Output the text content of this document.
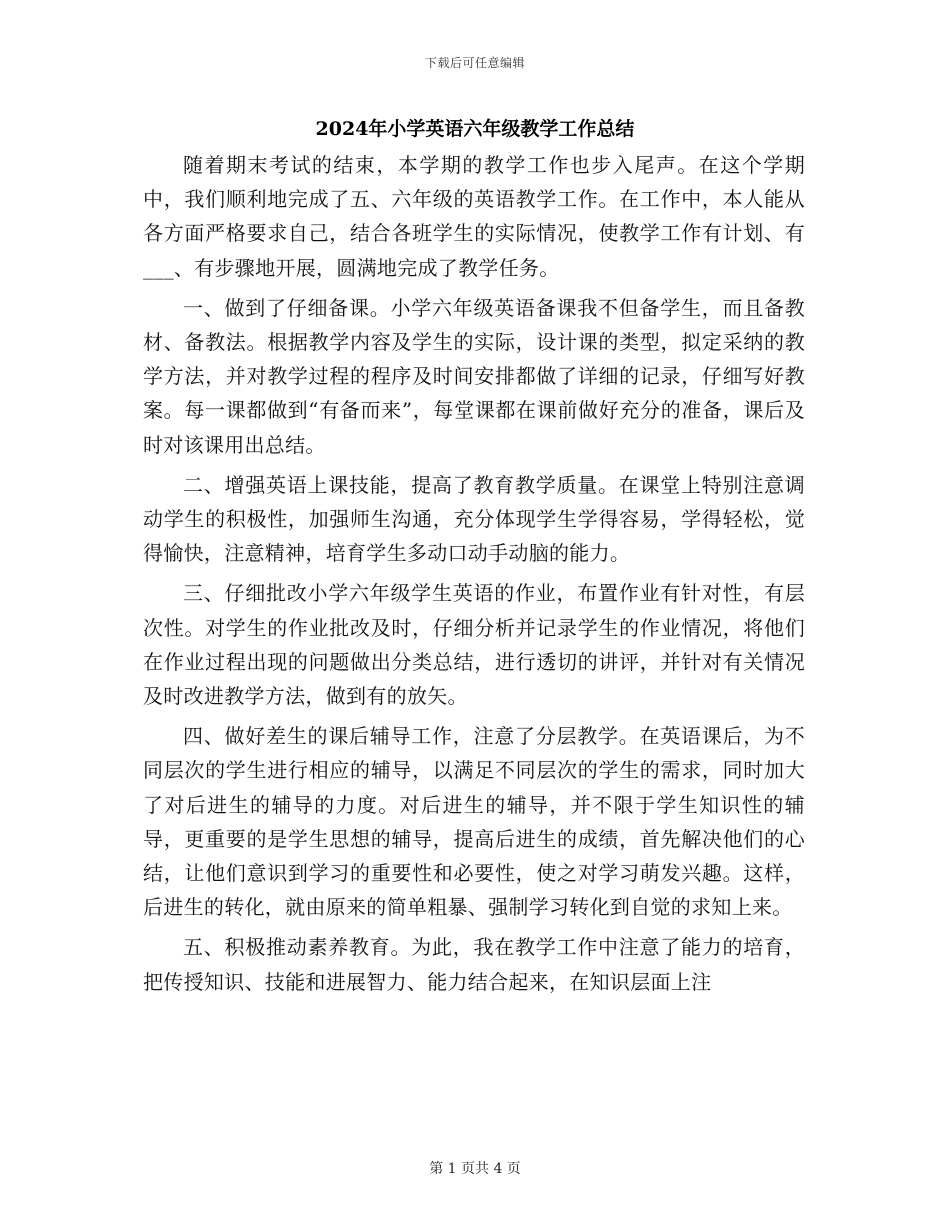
下载后可任意编辑
2024年小学英语六年级教学工作总结

随着期末考试的结束，本学期的教学工作也步入尾声。在这个学期中，我们顺利地完成了五、六年级的英语教学工作。在工作中，本人能从各方面严格要求自己，结合各班学生的实际情况，使教学工作有计划、有___、有步骤地开展，圆满地完成了教学任务。

一、做到了仔细备课。小学六年级英语备课我不但备学生，而且备教材、备教法。根据教学内容及学生的实际，设计课的类型，拟定采纳的教学方法，并对教学过程的程序及时间安排都做了详细的记录，仔细写好教案。每一课都做到“有备而来”，每堂课都在课前做好充分的准备，课后及时对该课用出总结。

二、增强英语上课技能，提高了教育教学质量。在课堂上特别注意调动学生的积极性，加强师生沟通，充分体现学生学得容易，学得轻松，觉得愉快，注意精神，培育学生多动口动手动脑的能力。

三、仔细批改小学六年级学生英语的作业，布置作业有针对性，有层次性。对学生的作业批改及时，仔细分析并记录学生的作业情况，将他们在作业过程出现的问题做出分类总结，进行透切的讲评，并针对有关情况及时改进教学方法，做到有的放矢。

四、做好差生的课后辅导工作，注意了分层教学。在英语课后，为不同层次的学生进行相应的辅导，以满足不同层次的学生的需求，同时加大了对后进生的辅导的力度。对后进生的辅导，并不限于学生知识性的辅导，更重要的是学生思想的辅导，提高后进生的成绩，首先解决他们的心结，让他们意识到学习的重要性和必要性，使之对学习萌发兴趣。这样，后进生的转化，就由原来的简单粗暴、强制学习转化到自觉的求知上来。

五、积极推动素养教育。为此，我在教学工作中注意了能力的培育，把传授知识、技能和进展智力、能力结合起来，在知识层面上注

第 1 页共 4 页
